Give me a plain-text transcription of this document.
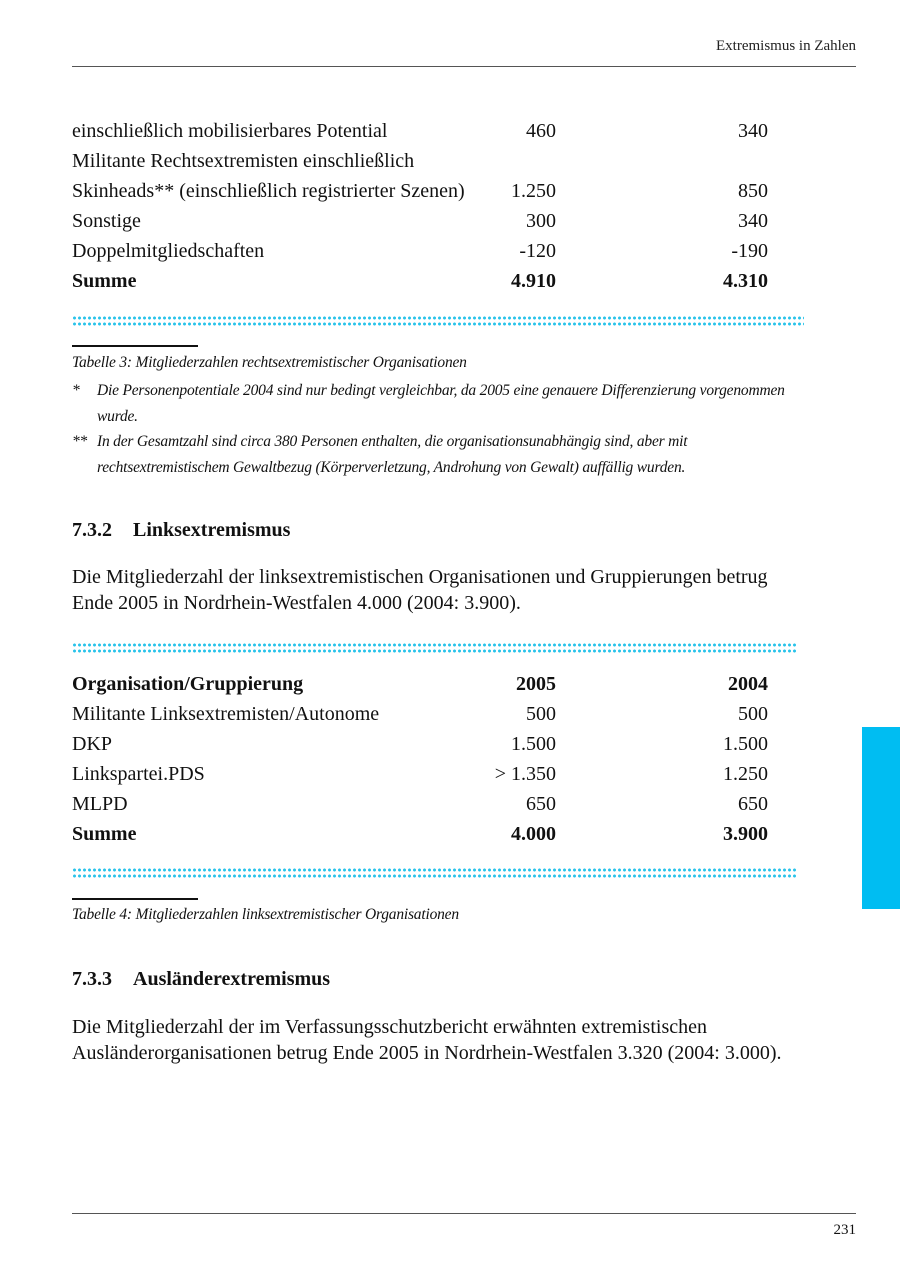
Extremismus in Zahlen
einschließlich mobilisierbares Potential	460	340
Militante Rechtsextremisten einschließlich
Skinheads** (einschließlich registrierter Szenen) 1.250	850
Sonstige	300	340
Doppelmitgliedschaften	-120	-190
Summe	4.910	4.310
Tabelle 3: Mitgliederzahlen rechtsextremistischer Organisationen
*	Die Personenpotentiale 2004 sind nur bedingt vergleichbar, da 2005 eine genauere Differenzierung vorgenommen wurde.
** In der Gesamtzahl sind circa 380 Personen enthalten, die organisationsunabhängig sind, aber mit rechtsextremistischem Gewaltbezug (Körperverletzung, Androhung von Gewalt) auffällig wurden.
7.3.2 Linksextremismus
Die Mitgliederzahl der linksextremistischen Organisationen und Gruppierungen betrug Ende 2005 in Nordrhein-Westfalen 4.000 (2004: 3.900).
Organisation/Gruppierung	2005	2004
Militante Linksextremisten/Autonome	500	500
DKP	1.500	1.500
Linkspartei.PDS	> 1.350	1.250
MLPD	650	650
Summe	4.000	3.900
Tabelle 4: Mitgliederzahlen linksextremistischer Organisationen
7.3.3 Ausländerextremismus
Die Mitgliederzahl der im Verfassungsschutzbericht erwähnten extremistischen Ausländerorganisationen betrug Ende 2005 in Nordrhein-Westfalen 3.320 (2004: 3.000).
231
